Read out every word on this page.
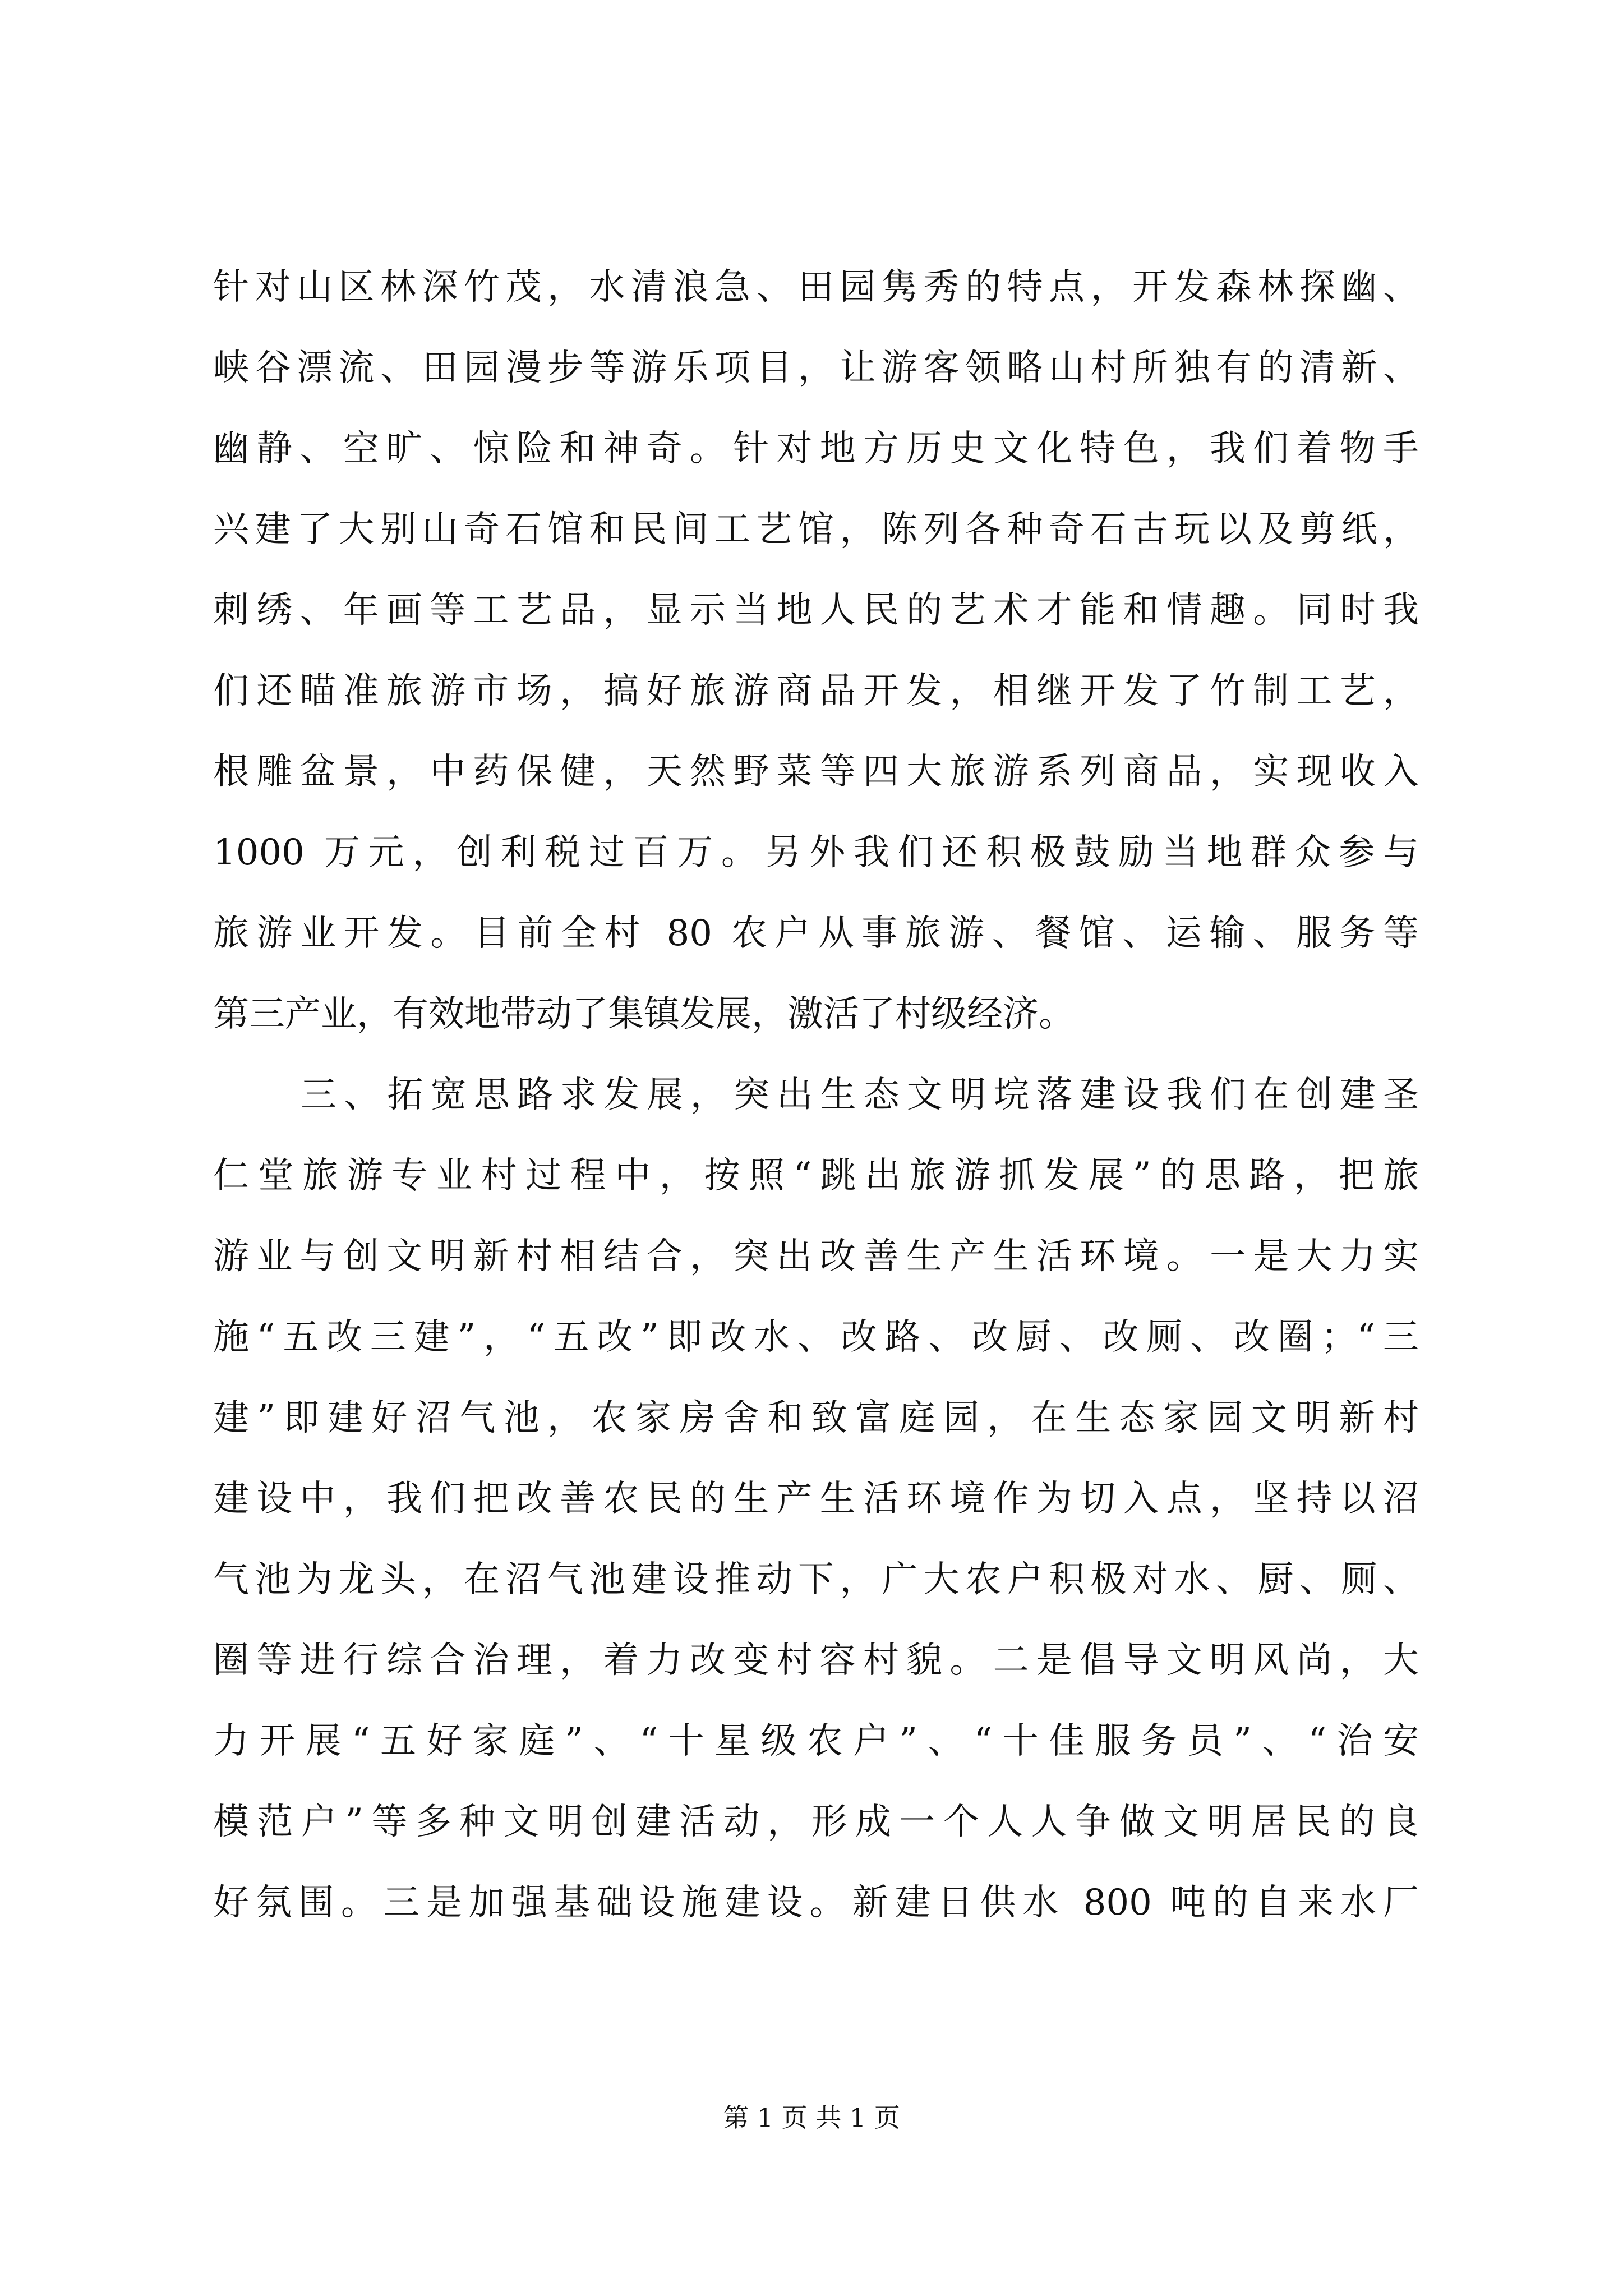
针对山区林深竹茂，水清浪急、田园隽秀的特点，开发森林探幽、
峡谷漂流、田园漫步等游乐项目，让游客领略山村所独有的清新、
幽静、空旷、惊险和神奇。针对地方历史文化特色，我们着物手
兴建了大别山奇石馆和民间工艺馆，陈列各种奇石古玩以及剪纸，
刺绣、年画等工艺品，显示当地人民的艺术才能和情趣。同时我
们还瞄准旅游市场，搞好旅游商品开发，相继开发了竹制工艺，
根雕盆景，中药保健，天然野菜等四大旅游系列商品，实现收入
1000 万元，创利税过百万。另外我们还积极鼓励当地群众参与
旅游业开发。目前全村 80 农户从事旅游、餐馆、运输、服务等
第三产业，有效地带动了集镇发展，激活了村级经济。
三、拓宽思路求发展，突出生态文明垸落建设我们在创建圣
仁堂旅游专业村过程中，按照“跳出旅游抓发展”的思路，把旅
游业与创文明新村相结合，突出改善生产生活环境。一是大力实
施“五改三建”，“五改”即改水、改路、改厨、改厕、改圈；“三
建”即建好沼气池，农家房舍和致富庭园，在生态家园文明新村
建设中，我们把改善农民的生产生活环境作为切入点，坚持以沼
气池为龙头，在沼气池建设推动下，广大农户积极对水、厨、厕、
圈等进行综合治理，着力改变村容村貌。二是倡导文明风尚，大
力开展“五好家庭”、“十星级农户”、“十佳服务员”、“治安
模范户”等多种文明创建活动，形成一个人人争做文明居民的良
好氛围。三是加强基础设施建设。新建日供水 800 吨的自来水厂
第 1 页 共 1 页
